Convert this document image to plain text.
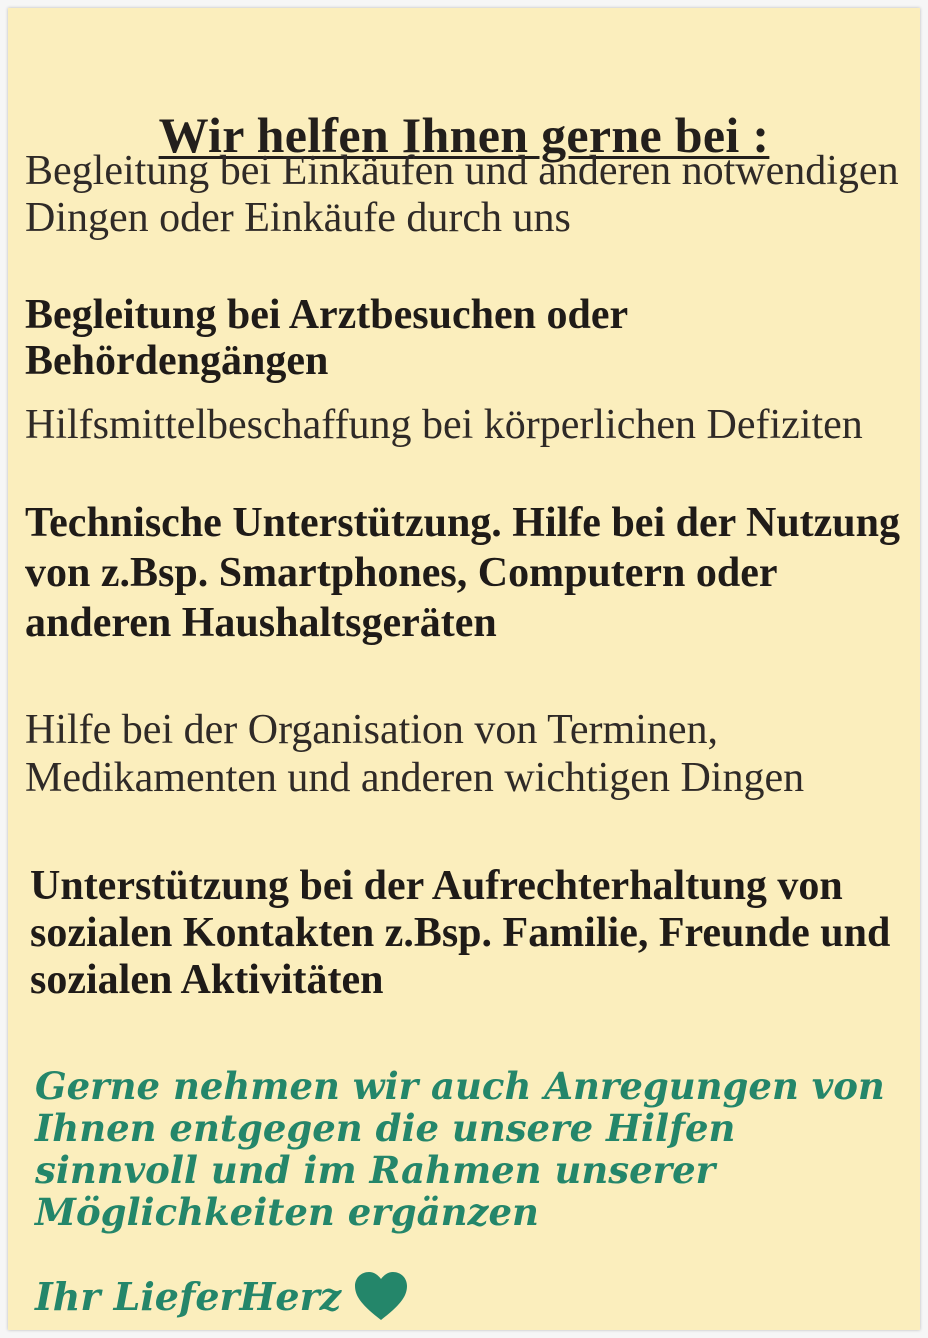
Wir helfen Ihnen gerne bei :

Begleitung bei Einkäufen und anderen notwendigen Dingen oder Einkäufe durch uns

Begleitung bei Arztbesuchen oder Behördengängen

Hilfsmittelbeschaffung bei körperlichen Defiziten

Technische Unterstützung. Hilfe bei der Nutzung von z.Bsp. Smartphones, Computern oder anderen Haushaltsgeräten

Hilfe bei der Organisation von Terminen, Medikamenten und anderen wichtigen Dingen

Unterstützung bei der Aufrechterhaltung von sozialen Kontakten z.Bsp. Familie, Freunde und sozialen Aktivitäten

Gerne nehmen wir auch Anregungen von Ihnen entgegen die unsere Hilfen sinnvoll und im Rahmen unserer Möglichkeiten ergänzen

Ihr LieferHerz
